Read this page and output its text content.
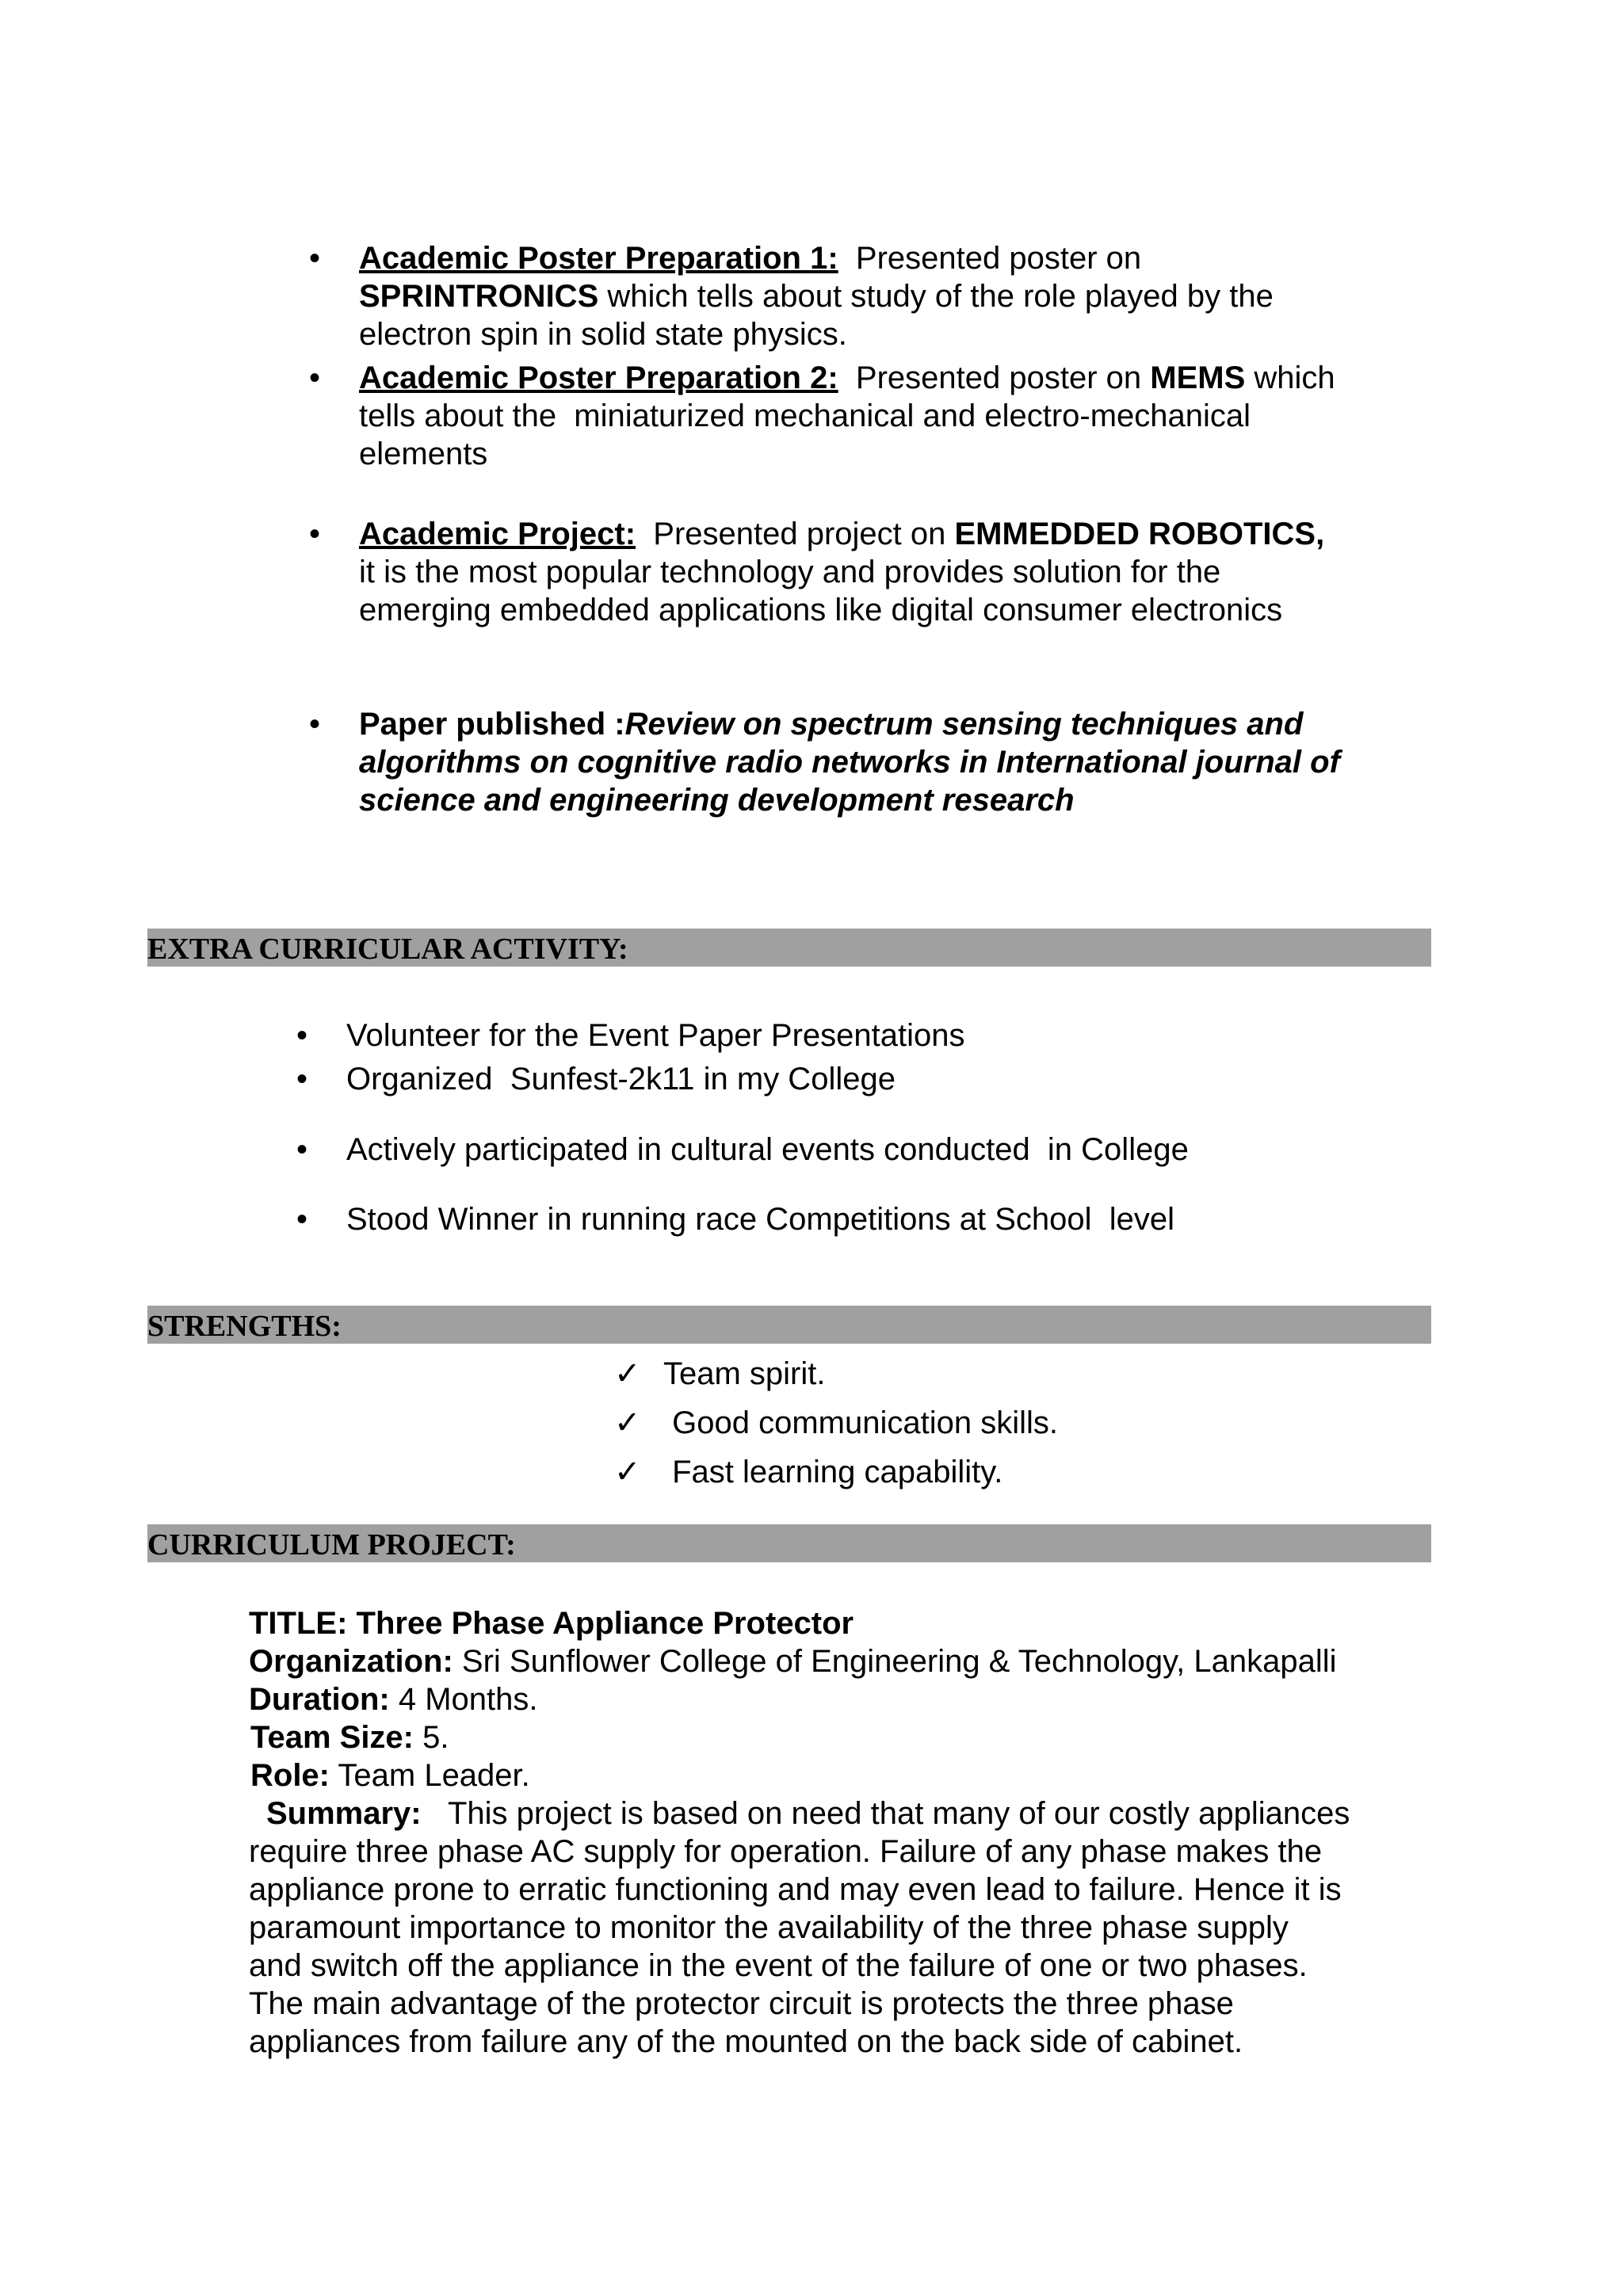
• Academic Poster Preparation 1: Presented poster on
SPRINTRONICS which tells about study of the role played by the
electron spin in solid state physics.
• Academic Poster Preparation 2: Presented poster on MEMS which
tells about the  miniaturized mechanical and electro-mechanical
elements
• Academic Project: Presented project on EMMEDDED ROBOTICS,
it is the most popular technology and provides solution for the
emerging embedded applications like digital consumer electronics
• Paper published :Review on spectrum sensing techniques and
algorithms on cognitive radio networks in International journal of
science and engineering development research
EXTRA CURRICULAR ACTIVITY:
• Volunteer for the Event Paper Presentations
• Organized  Sunfest-2k11 in my College
• Actively participated in cultural events conducted  in College
• Stood Winner in running race Competitions at School  level
STRENGTHS:
✓ Team spirit.
✓ Good communication skills.
✓ Fast learning capability.
CURRICULUM PROJECT:
TITLE: Three Phase Appliance Protector
Organization: Sri Sunflower College of Engineering & Technology, Lankapalli
Duration: 4 Months.
Team Size: 5.
Role: Team Leader.
Summary: This project is based on need that many of our costly appliances
require three phase AC supply for operation. Failure of any phase makes the
appliance prone to erratic functioning and may even lead to failure. Hence it is
paramount importance to monitor the availability of the three phase supply
and switch off the appliance in the event of the failure of one or two phases.
The main advantage of the protector circuit is protects the three phase
appliances from failure any of the mounted on the back side of cabinet.
